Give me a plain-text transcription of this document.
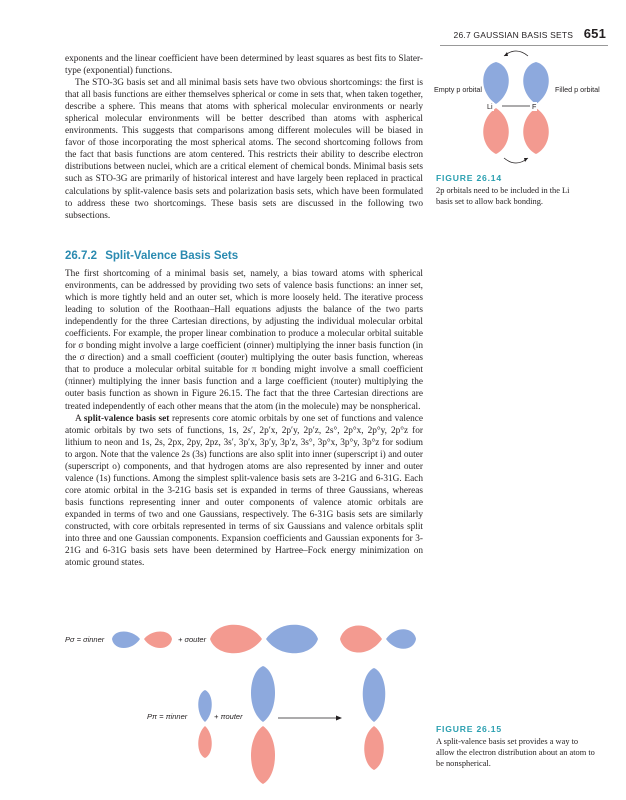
26.7 GAUSSIAN BASIS SETS 651

exponents and the linear coefficient have been determined by least squares as best fits to Slater-type (exponential) functions.

The STO-3G basis set and all minimal basis sets have two obvious shortcomings: the first is that all basis functions are either themselves spherical or come in sets that, when taken together, describe a sphere. This means that atoms with spherical molecular environments or nearly spherical molecular environments will be better described than atoms with aspherical environments. This suggests that comparisons among different molecules will be biased in favor of those incorporating the most spherical atoms. The second shortcoming follows from the fact that basis functions are atom centered. This restricts their ability to describe electron distributions between nuclei, which are a critical element of chemical bonds. Minimal basis sets such as STO-3G are primarily of historical interest and have largely been replaced in practical calculations by split-valence basis sets and polarization basis sets, which have been formulated to address these two shortcomings. These basis sets are discussed in the following two subsections.

26.7.2 Split-Valence Basis Sets

The first shortcoming of a minimal basis set, namely, a bias toward atoms with spherical environments, can be addressed by providing two sets of valence basis functions: an inner set, which is more tightly held and an outer set, which is more loosely held. The iterative process leading to solution of the Roothaan–Hall equations adjusts the balance of the two parts independently for the three Cartesian directions, by adjusting the individual molecular orbital coefficients. For example, the proper linear combination to produce a molecular orbital suitable for σ bonding might involve a large coefficient (σinner) multiplying the inner basis function (in the σ direction) and a small coefficient (σouter) multiplying the outer basis function, whereas that to produce a molecular orbital suitable for π bonding might involve a small coefficient (πinner) multiplying the inner basis function and a large coefficient (πouter) multiplying the outer basis function as shown in Figure 26.15. The fact that the three Cartesian directions are treated independently of each other means that the atom (in the molecule) may be nonspherical.

A split-valence basis set represents core atomic orbitals by one set of functions and valence atomic orbitals by two sets of functions, 1s, 2s′, 2p′x, 2p′y, 2p′z, 2s°, 2p°x, 2p°y, 2p°z for lithium to neon and 1s, 2s, 2px, 2py, 2pz, 3s′, 3p′x, 3p′y, 3p′z, 3s°, 3p°x, 3p°y, 3p°z for sodium to argon. Note that the valence 2s (3s) functions are also split into inner (superscript i) and outer (superscript o) components, and that hydrogen atoms are also represented by inner and outer valence (1s) functions. Among the simplest split-valence basis sets are 3-21G and 6-31G. Each core atomic orbital in the 3-21G basis set is expanded in terms of three Gaussians, whereas basis functions representing inner and outer components of valence atomic orbitals are expanded in terms of two and one Gaussians, respectively. The 6-31G basis sets are similarly constructed, with core orbitals represented in terms of six Gaussians and valence orbitals split into three and one Gaussian components. Expansion coefficients and Gaussian exponents for 3-21G and 6-31G basis sets have been determined by Hartree–Fock energy minimization on atomic ground states.

Empty p orbital	Filled p orbital
Li	F
FIGURE 26.14
2p orbitals need to be included in the Li basis set to allow back bonding.
Pσ = σinner	+ σouter
Pπ = πinner	+ πouter
FIGURE 26.15
A split-valence basis set provides a way to allow the electron distribution about an atom to be nonspherical.
